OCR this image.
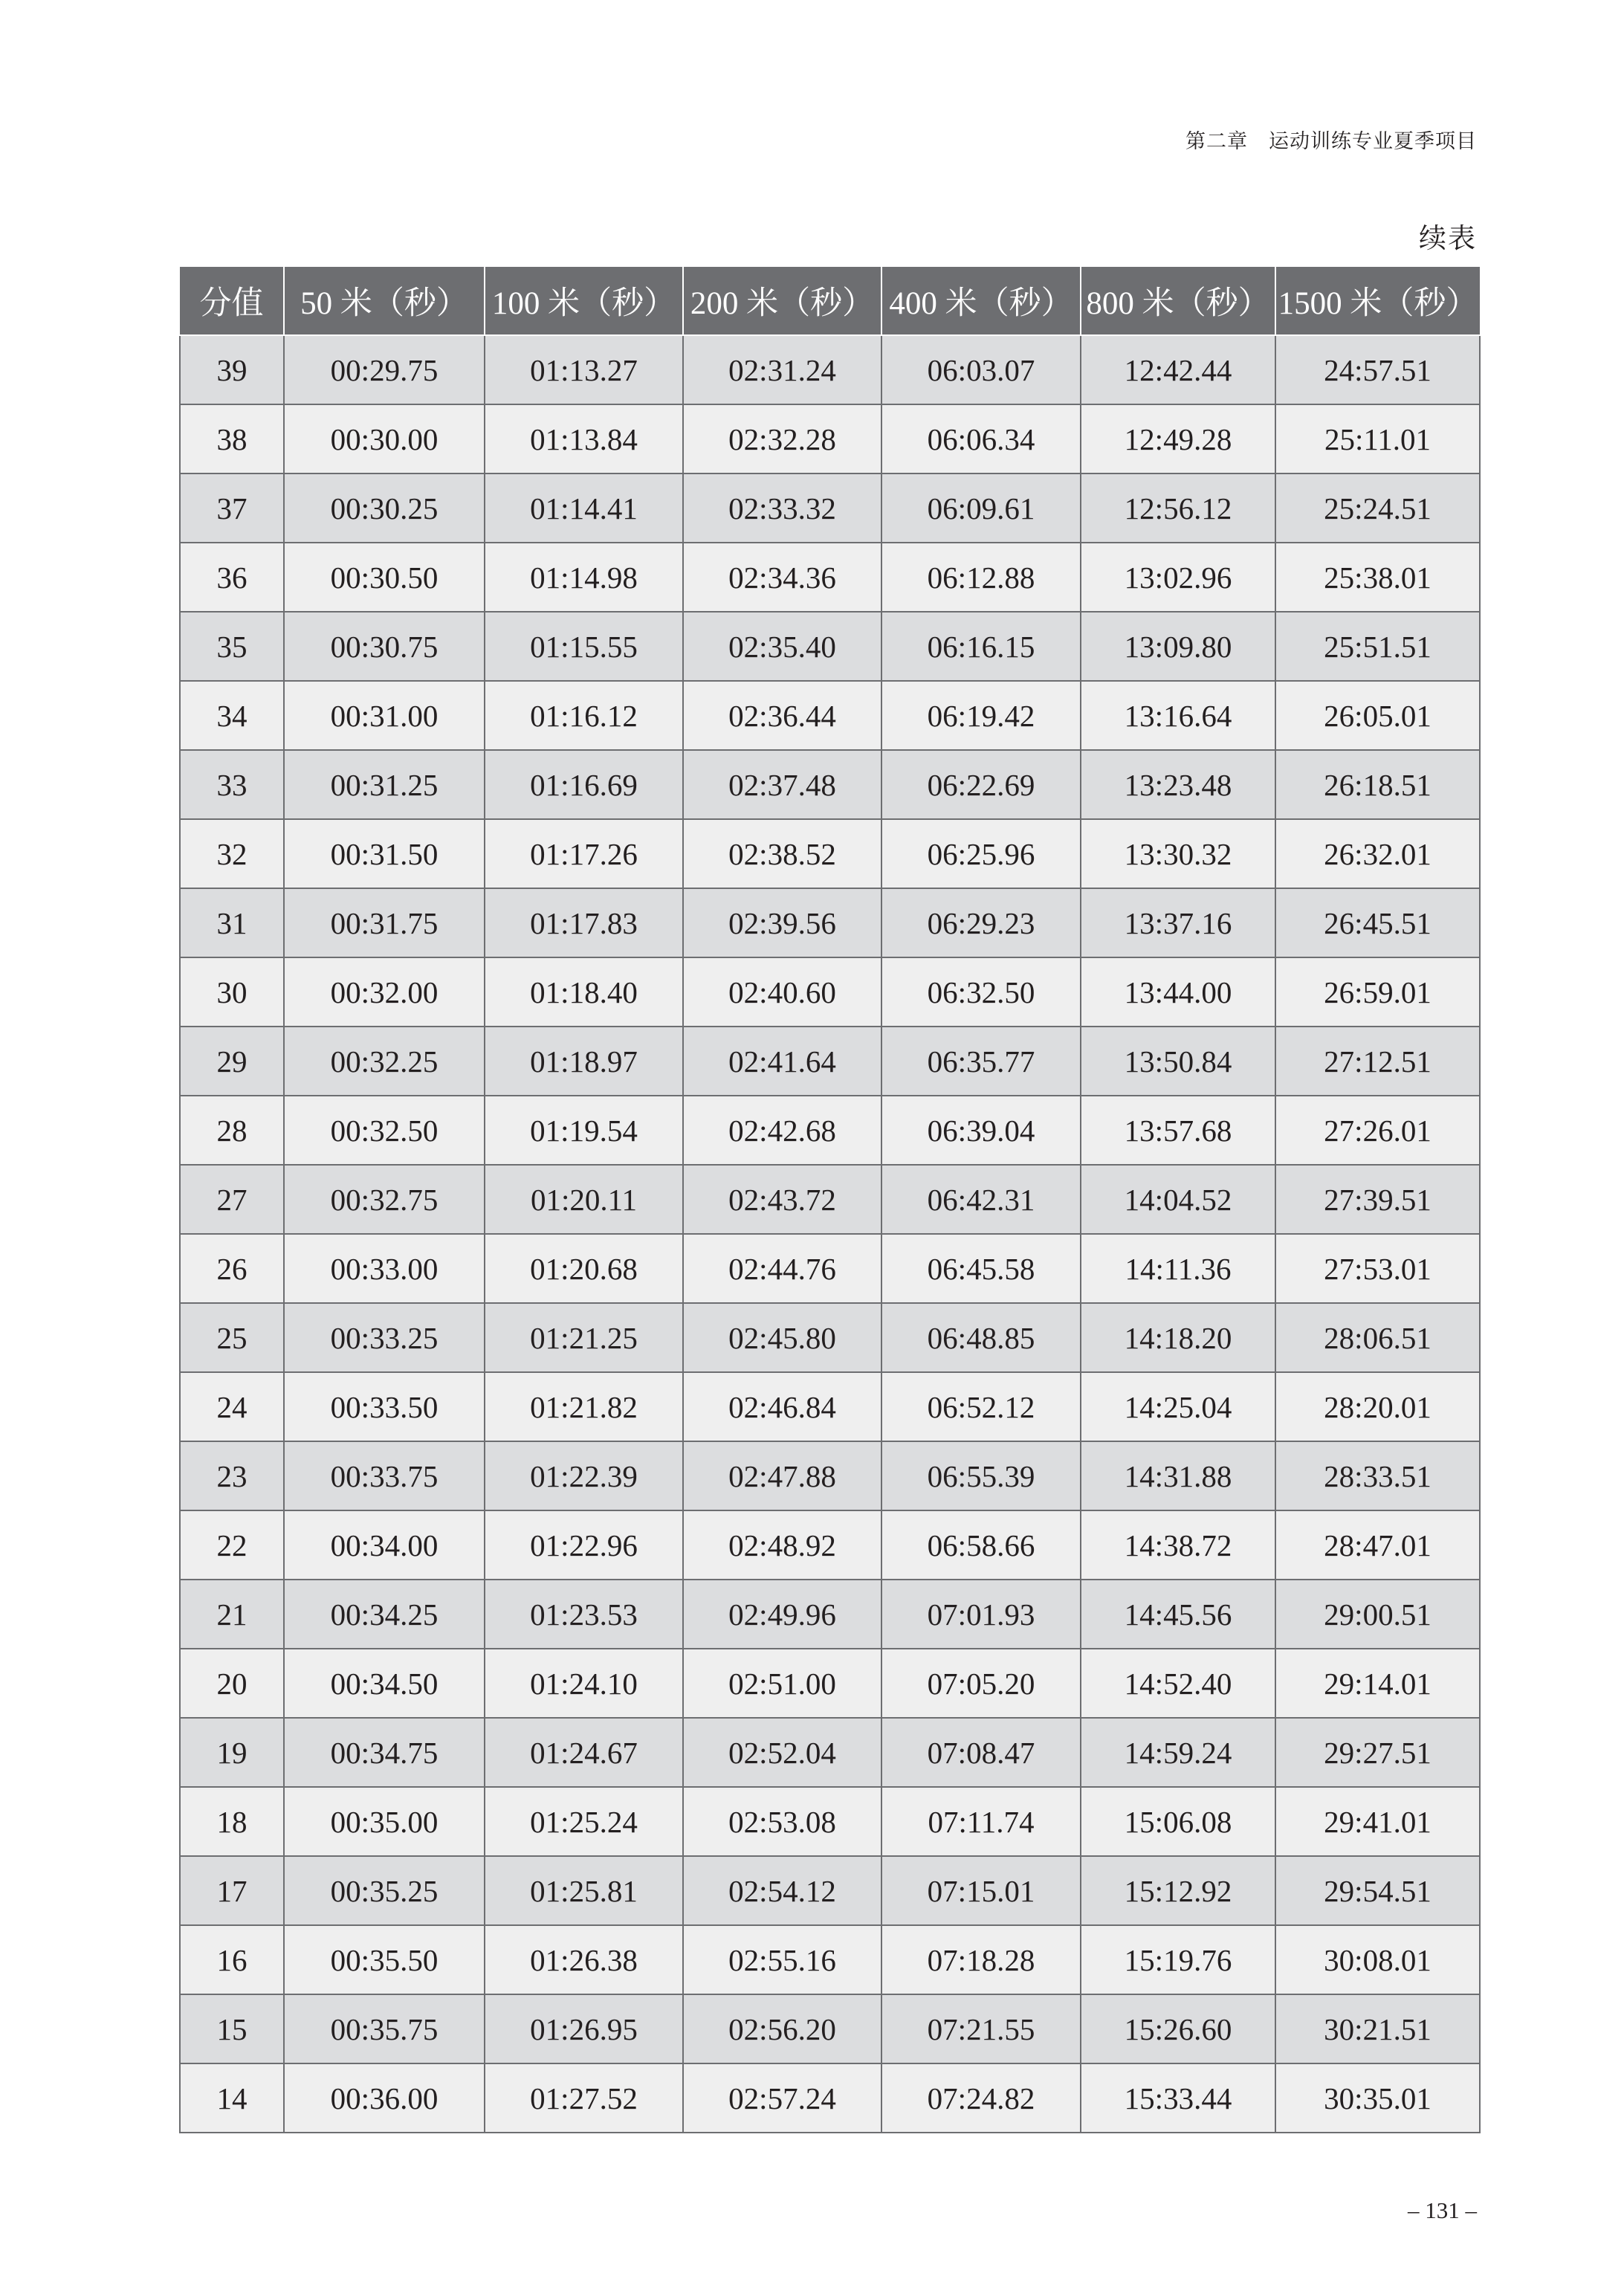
第二章　运动训练专业夏季项目
续表
分值	50 米（秒）	100 米（秒）	200 米（秒）	400 米（秒）	800 米（秒）	1500 米（秒）
39	00:29.75	01:13.27	02:31.24	06:03.07	12:42.44	24:57.51
38	00:30.00	01:13.84	02:32.28	06:06.34	12:49.28	25:11.01
37	00:30.25	01:14.41	02:33.32	06:09.61	12:56.12	25:24.51
36	00:30.50	01:14.98	02:34.36	06:12.88	13:02.96	25:38.01
35	00:30.75	01:15.55	02:35.40	06:16.15	13:09.80	25:51.51
34	00:31.00	01:16.12	02:36.44	06:19.42	13:16.64	26:05.01
33	00:31.25	01:16.69	02:37.48	06:22.69	13:23.48	26:18.51
32	00:31.50	01:17.26	02:38.52	06:25.96	13:30.32	26:32.01
31	00:31.75	01:17.83	02:39.56	06:29.23	13:37.16	26:45.51
30	00:32.00	01:18.40	02:40.60	06:32.50	13:44.00	26:59.01
29	00:32.25	01:18.97	02:41.64	06:35.77	13:50.84	27:12.51
28	00:32.50	01:19.54	02:42.68	06:39.04	13:57.68	27:26.01
27	00:32.75	01:20.11	02:43.72	06:42.31	14:04.52	27:39.51
26	00:33.00	01:20.68	02:44.76	06:45.58	14:11.36	27:53.01
25	00:33.25	01:21.25	02:45.80	06:48.85	14:18.20	28:06.51
24	00:33.50	01:21.82	02:46.84	06:52.12	14:25.04	28:20.01
23	00:33.75	01:22.39	02:47.88	06:55.39	14:31.88	28:33.51
22	00:34.00	01:22.96	02:48.92	06:58.66	14:38.72	28:47.01
21	00:34.25	01:23.53	02:49.96	07:01.93	14:45.56	29:00.51
20	00:34.50	01:24.10	02:51.00	07:05.20	14:52.40	29:14.01
19	00:34.75	01:24.67	02:52.04	07:08.47	14:59.24	29:27.51
18	00:35.00	01:25.24	02:53.08	07:11.74	15:06.08	29:41.01
17	00:35.25	01:25.81	02:54.12	07:15.01	15:12.92	29:54.51
16	00:35.50	01:26.38	02:55.16	07:18.28	15:19.76	30:08.01
15	00:35.75	01:26.95	02:56.20	07:21.55	15:26.60	30:21.51
14	00:36.00	01:27.52	02:57.24	07:24.82	15:33.44	30:35.01
– 131 –
